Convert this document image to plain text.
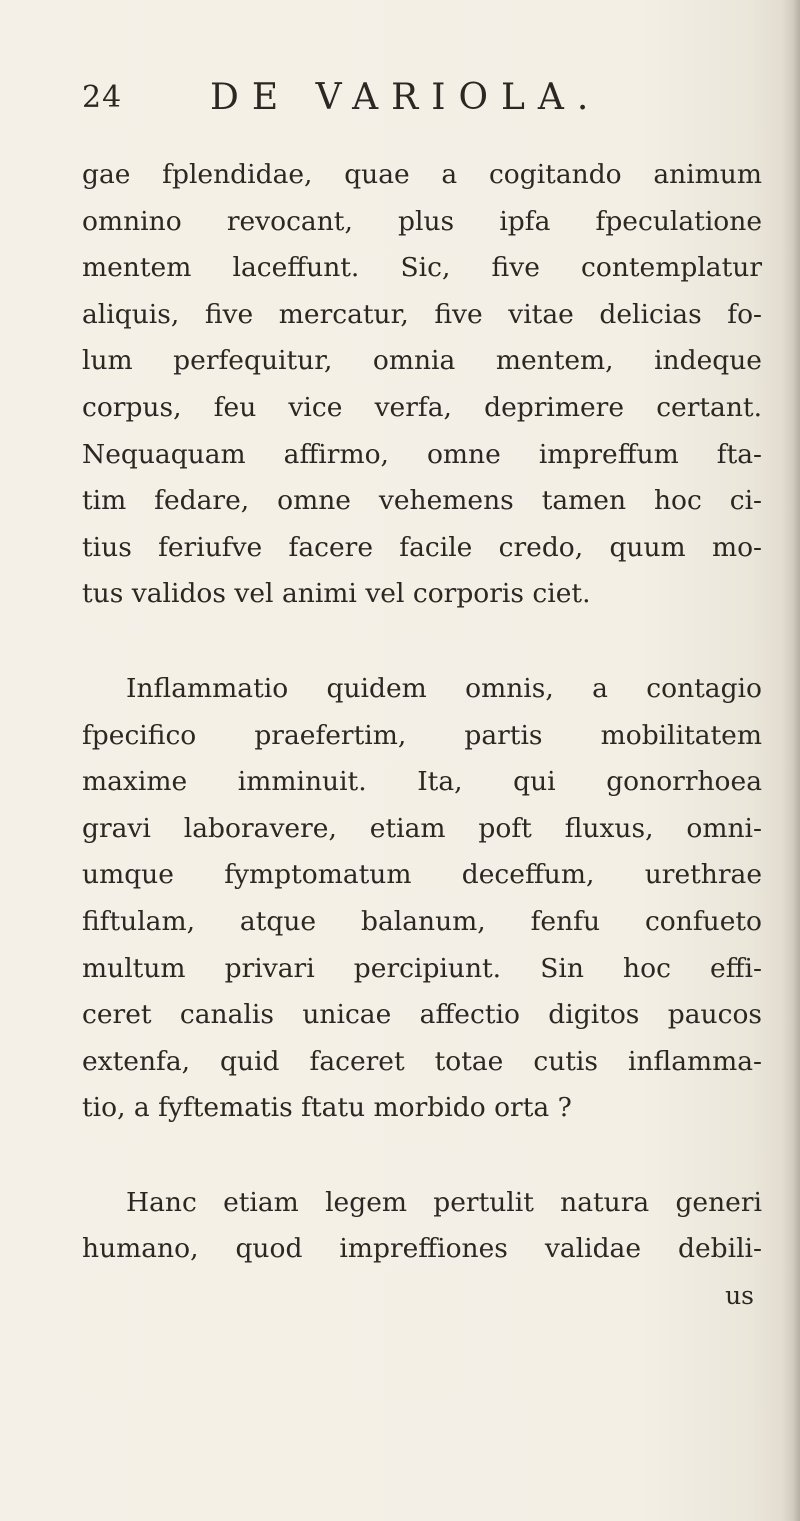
24 DE VARIOLA.

gae fplendidae, quae a cogitando animum
omnino revocant, plus ipfa fpeculatione
mentem laceffunt. Sic, five contemplatur
aliquis, five mercatur, five vitae delicias fo-
lum perfequitur, omnia mentem, indeque
corpus, feu vice verfa, deprimere certant.
Nequaquam affirmo, omne impreffum fta-
tim fedare, omne vehemens tamen hoc ci-
tius feriufve facere facile credo, quum mo-
tus validos vel animi vel corporis ciet.

Inflammatio quidem omnis, a contagio
fpecifico praefertim, partis mobilitatem
maxime imminuit. Ita, qui gonorrhoea
gravi laboravere, etiam poft fluxus, omni-
umque fymptomatum deceffum, urethrae
fiftulam, atque balanum, fenfu confueto
multum privari percipiunt. Sin hoc effi-
ceret canalis unicae affectio digitos paucos
extenfa, quid faceret totae cutis inflamma-
tio, a fyftematis ftatu morbido orta ?

Hanc etiam legem pertulit natura generi
humano, quod impreffiones validae debili-

us
